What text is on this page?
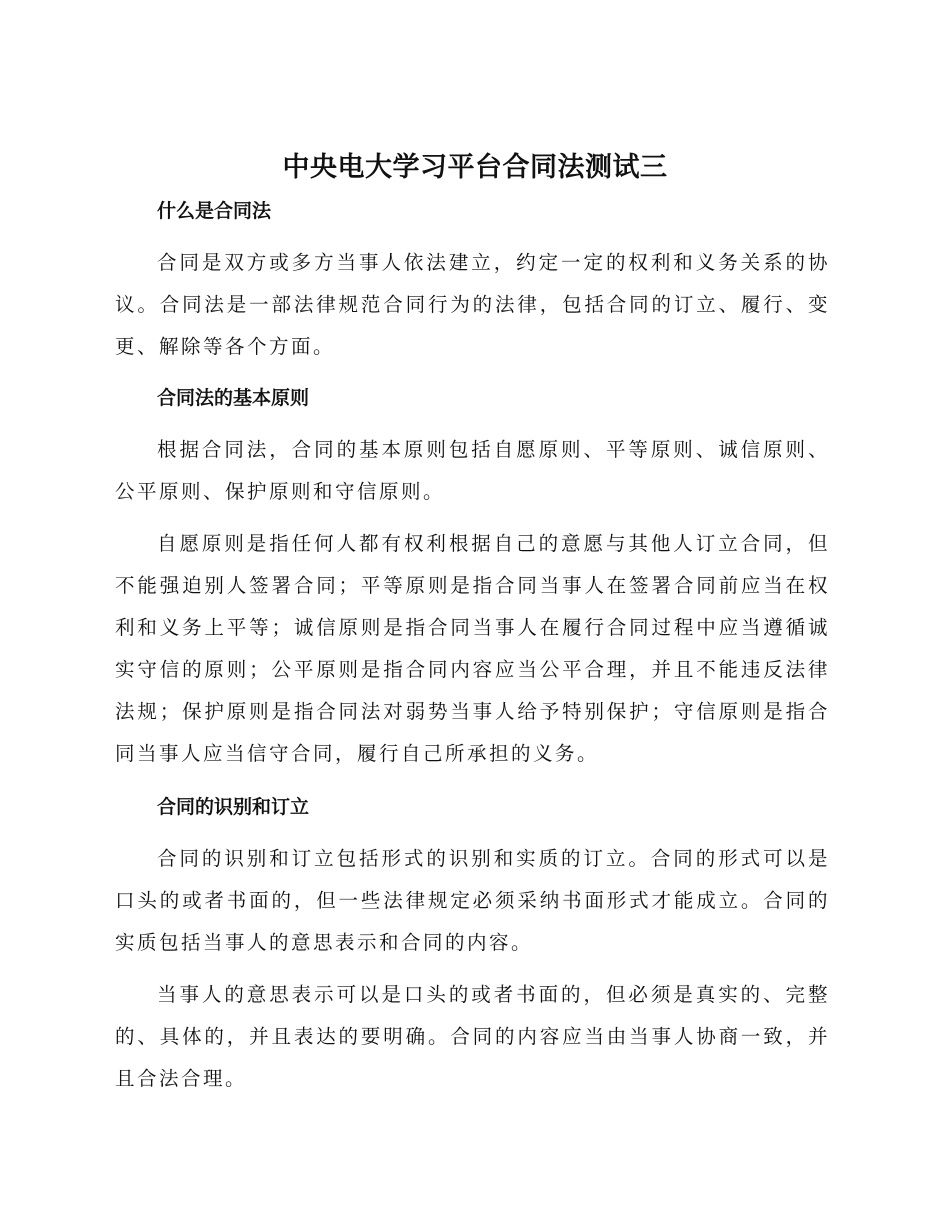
中央电大学习平台合同法测试三
什么是合同法

合同是双方或多方当事人依法建立，约定一定的权利和义务关系的协议。合同法是一部法律规范合同行为的法律，包括合同的订立、履行、变更、解除等各个方面。

合同法的基本原则

根据合同法，合同的基本原则包括自愿原则、平等原则、诚信原则、公平原则、保护原则和守信原则。

自愿原则是指任何人都有权利根据自己的意愿与其他人订立合同，但不能强迫别人签署合同；平等原则是指合同当事人在签署合同前应当在权利和义务上平等；诚信原则是指合同当事人在履行合同过程中应当遵循诚实守信的原则；公平原则是指合同内容应当公平合理，并且不能违反法律法规；保护原则是指合同法对弱势当事人给予特别保护；守信原则是指合同当事人应当信守合同，履行自己所承担的义务。

合同的识别和订立

合同的识别和订立包括形式的识别和实质的订立。合同的形式可以是口头的或者书面的，但一些法律规定必须采纳书面形式才能成立。合同的实质包括当事人的意思表示和合同的内容。

当事人的意思表示可以是口头的或者书面的，但必须是真实的、完整的、具体的，并且表达的要明确。合同的内容应当由当事人协商一致，并且合法合理。
